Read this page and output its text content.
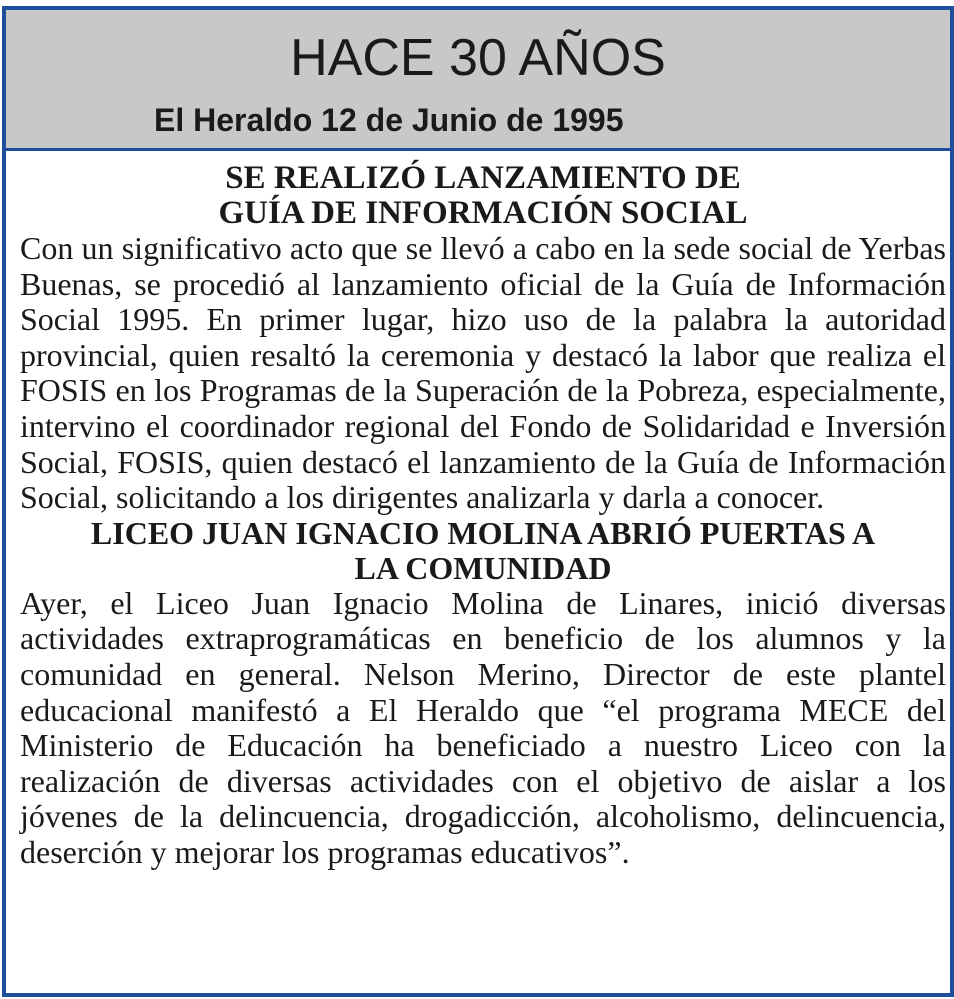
HACE 30 AÑOS
El Heraldo 12 de Junio de 1995
SE REALIZÓ LANZAMIENTO DE
GUÍA DE INFORMACIÓN SOCIAL

Con un significativo acto que se llevó a cabo en la sede social de Yerbas Buenas, se procedió al lanzamiento oficial de la Guía de Información Social 1995. En primer lugar, hizo uso de la palabra la autoridad provincial, quien resaltó la ceremonia y destacó la labor que realiza el FOSIS en los Programas de la Superación de la Pobreza, especialmente, intervino el coordinador regional del Fondo de Solidaridad e Inversión Social, FOSIS, quien destacó el lanzamiento de la Guía de Información Social, solicitando a los dirigentes analizarla y darla a conocer.

LICEO JUAN IGNACIO MOLINA ABRIÓ PUERTAS A
LA COMUNIDAD

Ayer, el Liceo Juan Ignacio Molina de Linares, inició diversas actividades extraprogramáticas en beneficio de los alumnos y la comunidad en general. Nelson Merino, Director de este plantel educacional manifestó a El Heraldo que “el programa MECE del Ministerio de Educación ha beneficiado a nuestro Liceo con la realización de diversas actividades con el objetivo de aislar a los jóvenes de la delincuencia, drogadicción, alcoholismo, delincuencia, deserción y mejorar los programas educativos”.
